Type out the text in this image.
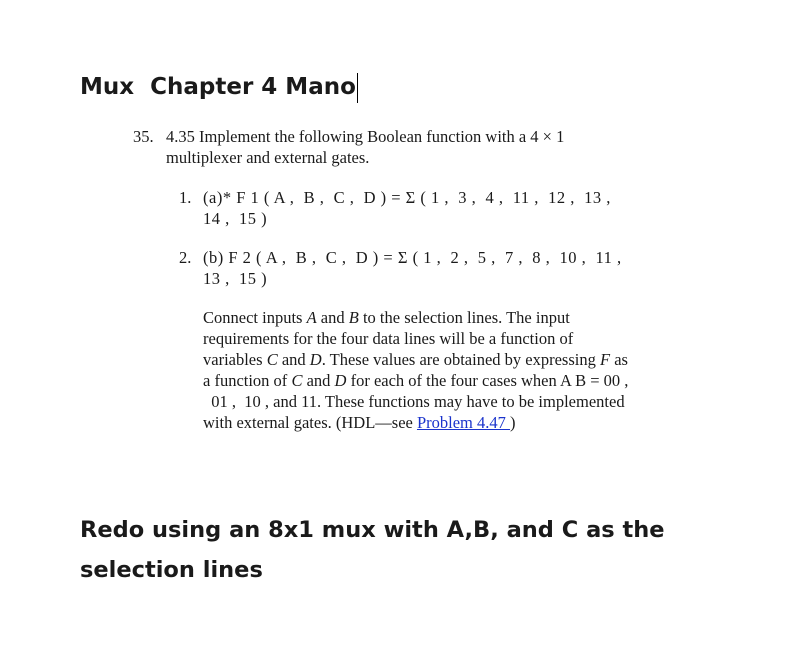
Mux  Chapter 4 Mano
35. 4.35 Implement the following Boolean function with a 4 × 1
multiplexer and external gates.
1. (a)* F 1 ( A ,  B ,  C ,  D ) = Σ ( 1 ,  3 ,  4 ,  11 ,  12 ,  13 ,
14 ,  15 )
2. (b) F 2 ( A ,  B ,  C ,  D ) = Σ ( 1 ,  2 ,  5 ,  7 ,  8 ,  10 ,  11 ,
13 ,  15 )
Connect inputs A and B to the selection lines. The input
requirements for the four data lines will be a function of
variables C and D. These values are obtained by expressing F as
a function of C and D for each of the four cases when A B = 00 ,
01 ,  10 , and 11. These functions may have to be implemented
with external gates. (HDL—see Problem 4.47 )
Redo using an 8x1 mux with A,B, and C as the
selection lines
